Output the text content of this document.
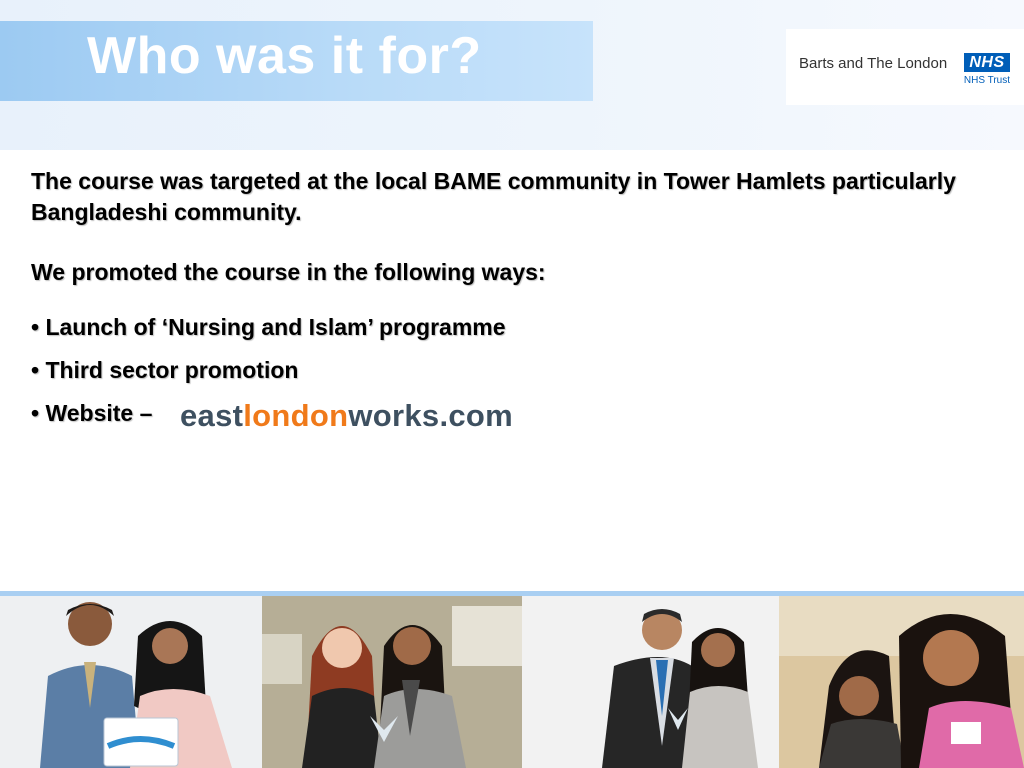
Who was it for?	Barts and The London	NHS
NHS Trust

The course was targeted at the local BAME community in Tower Hamlets particularly Bangladeshi community.

We promoted the course in the following ways:

• Launch of ‘Nursing and Islam’ programme
• Third sector promotion
• Website – eastlondonworks.com
